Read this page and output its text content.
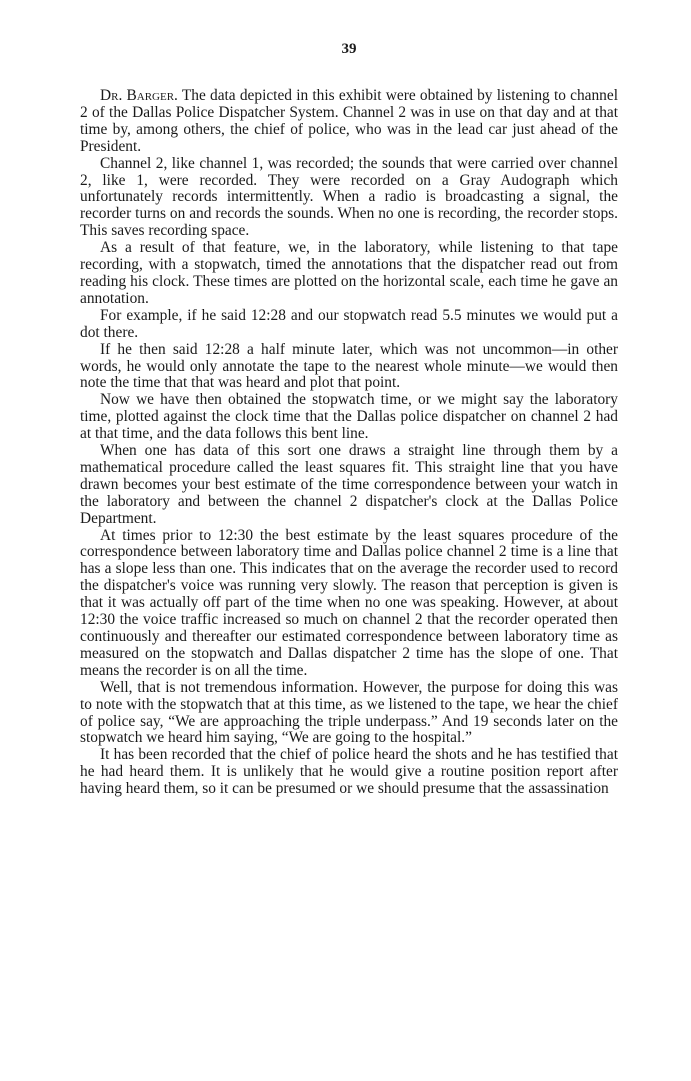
39

Dr. Barger. The data depicted in this exhibit were obtained by listening to channel 2 of the Dallas Police Dispatcher System. Channel 2 was in use on that day and at that time by, among others, the chief of police, who was in the lead car just ahead of the President.

Channel 2, like channel 1, was recorded; the sounds that were carried over channel 2, like 1, were recorded. They were recorded on a Gray Audograph which unfortunately records intermittently. When a radio is broadcasting a signal, the recorder turns on and records the sounds. When no one is recording, the recorder stops. This saves recording space.

As a result of that feature, we, in the laboratory, while listening to that tape recording, with a stopwatch, timed the annotations that the dispatcher read out from reading his clock. These times are plotted on the horizontal scale, each time he gave an annotation.

For example, if he said 12:28 and our stopwatch read 5.5 minutes we would put a dot there.

If he then said 12:28 a half minute later, which was not uncommon—in other words, he would only annotate the tape to the nearest whole minute—we would then note the time that that was heard and plot that point.

Now we have then obtained the stopwatch time, or we might say the laboratory time, plotted against the clock time that the Dallas police dispatcher on channel 2 had at that time, and the data follows this bent line.

When one has data of this sort one draws a straight line through them by a mathematical procedure called the least squares fit. This straight line that you have drawn becomes your best estimate of the time correspondence between your watch in the laboratory and between the channel 2 dispatcher's clock at the Dallas Police Department.

At times prior to 12:30 the best estimate by the least squares procedure of the correspondence between laboratory time and Dallas police channel 2 time is a line that has a slope less than one. This indicates that on the average the recorder used to record the dispatcher's voice was running very slowly. The reason that perception is given is that it was actually off part of the time when no one was speaking. However, at about 12:30 the voice traffic increased so much on channel 2 that the recorder operated then continuously and thereafter our estimated correspondence between laboratory time as measured on the stopwatch and Dallas dispatcher 2 time has the slope of one. That means the recorder is on all the time.

Well, that is not tremendous information. However, the purpose for doing this was to note with the stopwatch that at this time, as we listened to the tape, we hear the chief of police say, “We are approaching the triple underpass.” And 19 seconds later on the stopwatch we heard him saying, “We are going to the hospital.”

It has been recorded that the chief of police heard the shots and he has testified that he had heard them. It is unlikely that he would give a routine position report after having heard them, so it can be presumed or we should presume that the assassination
